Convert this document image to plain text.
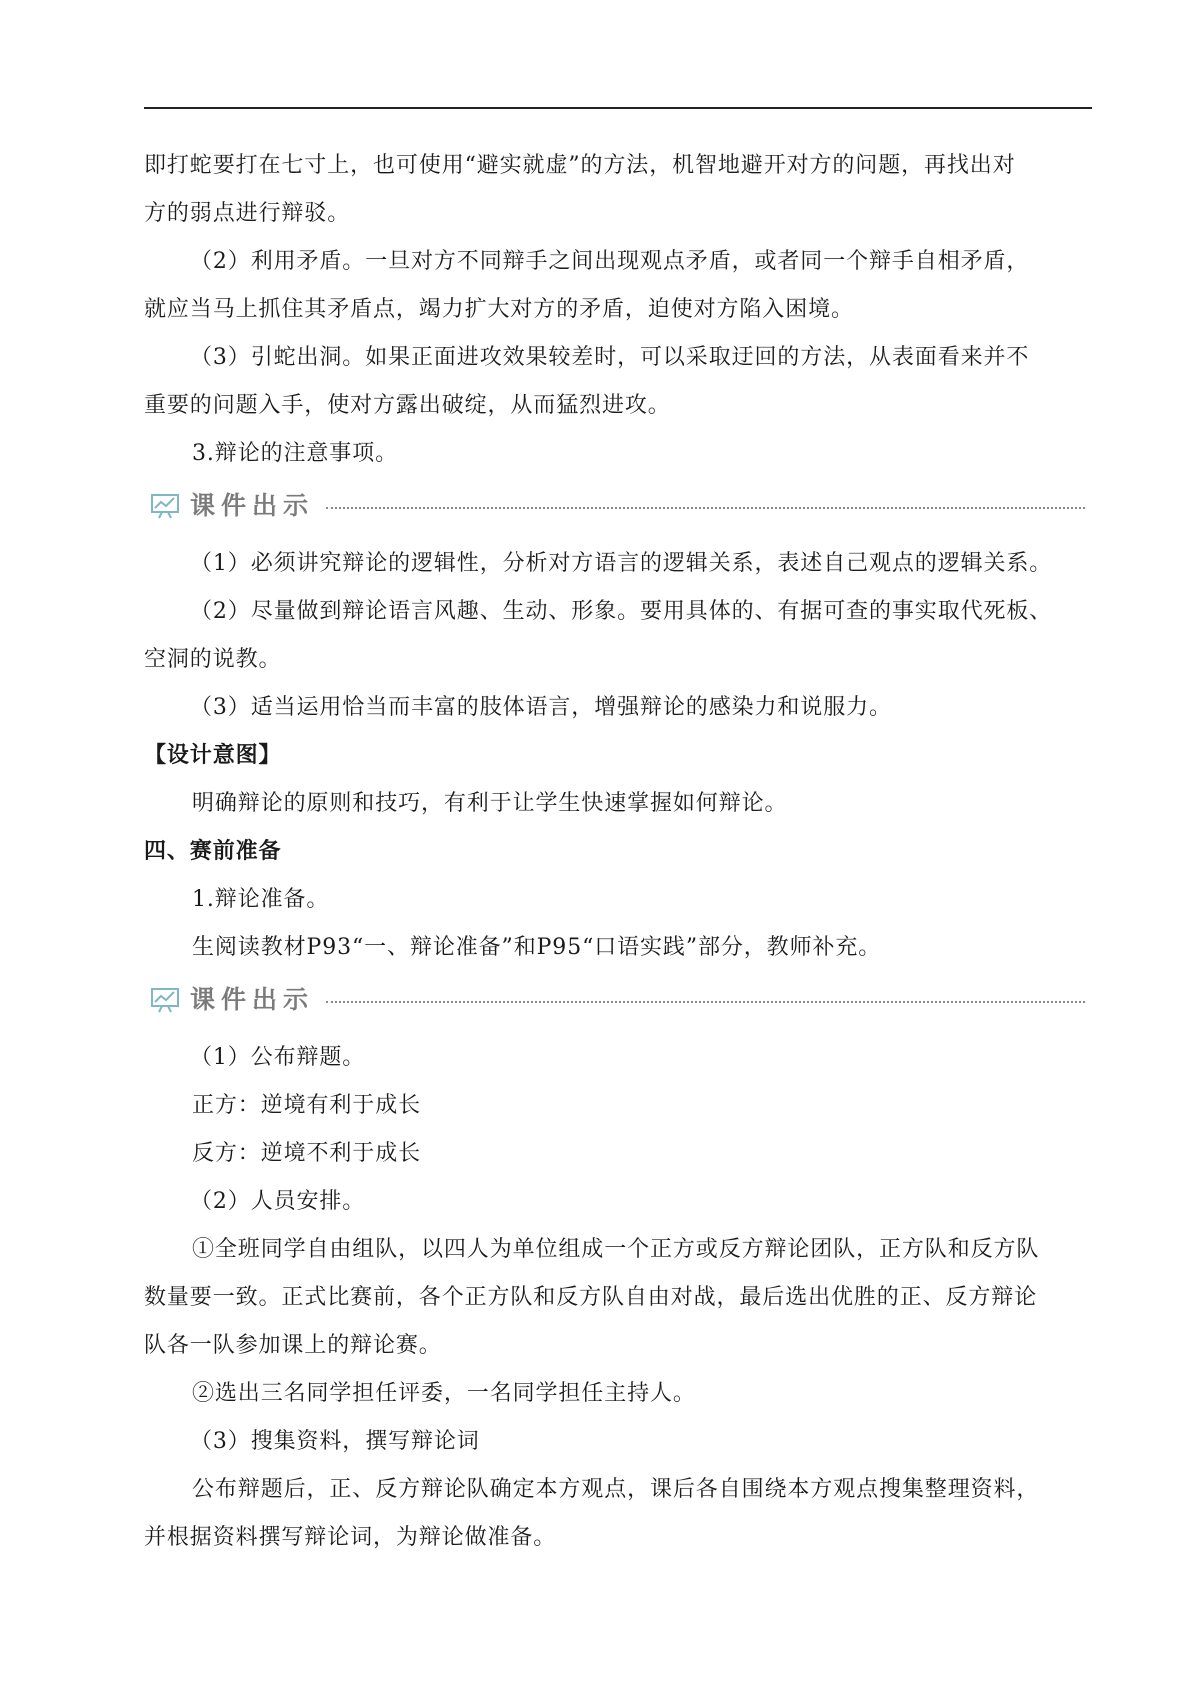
即打蛇要打在七寸上，也可使用“避实就虚”的方法，机智地避开对方的问题，再找出对
方的弱点进行辩驳。
（2）利用矛盾。一旦对方不同辩手之间出现观点矛盾，或者同一个辩手自相矛盾，
就应当马上抓住其矛盾点，竭力扩大对方的矛盾，迫使对方陷入困境。
（3）引蛇出洞。如果正面进攻效果较差时，可以采取迂回的方法，从表面看来并不
重要的问题入手，使对方露出破绽，从而猛烈进攻。
3.辩论的注意事项。
课件出示
（1）必须讲究辩论的逻辑性，分析对方语言的逻辑关系，表述自己观点的逻辑关系。
（2）尽量做到辩论语言风趣、生动、形象。要用具体的、有据可查的事实取代死板、
空洞的说教。
（3）适当运用恰当而丰富的肢体语言，增强辩论的感染力和说服力。
【设计意图】
明确辩论的原则和技巧，有利于让学生快速掌握如何辩论。
四、赛前准备
1.辩论准备。
生阅读教材P93“一、辩论准备”和P95“口语实践”部分，教师补充。
课件出示
（1）公布辩题。
正方：逆境有利于成长
反方：逆境不利于成长
（2）人员安排。
①全班同学自由组队，以四人为单位组成一个正方或反方辩论团队，正方队和反方队
数量要一致。正式比赛前，各个正方队和反方队自由对战，最后选出优胜的正、反方辩论
队各一队参加课上的辩论赛。
②选出三名同学担任评委，一名同学担任主持人。
（3）搜集资料，撰写辩论词
公布辩题后，正、反方辩论队确定本方观点，课后各自围绕本方观点搜集整理资料，
并根据资料撰写辩论词，为辩论做准备。
